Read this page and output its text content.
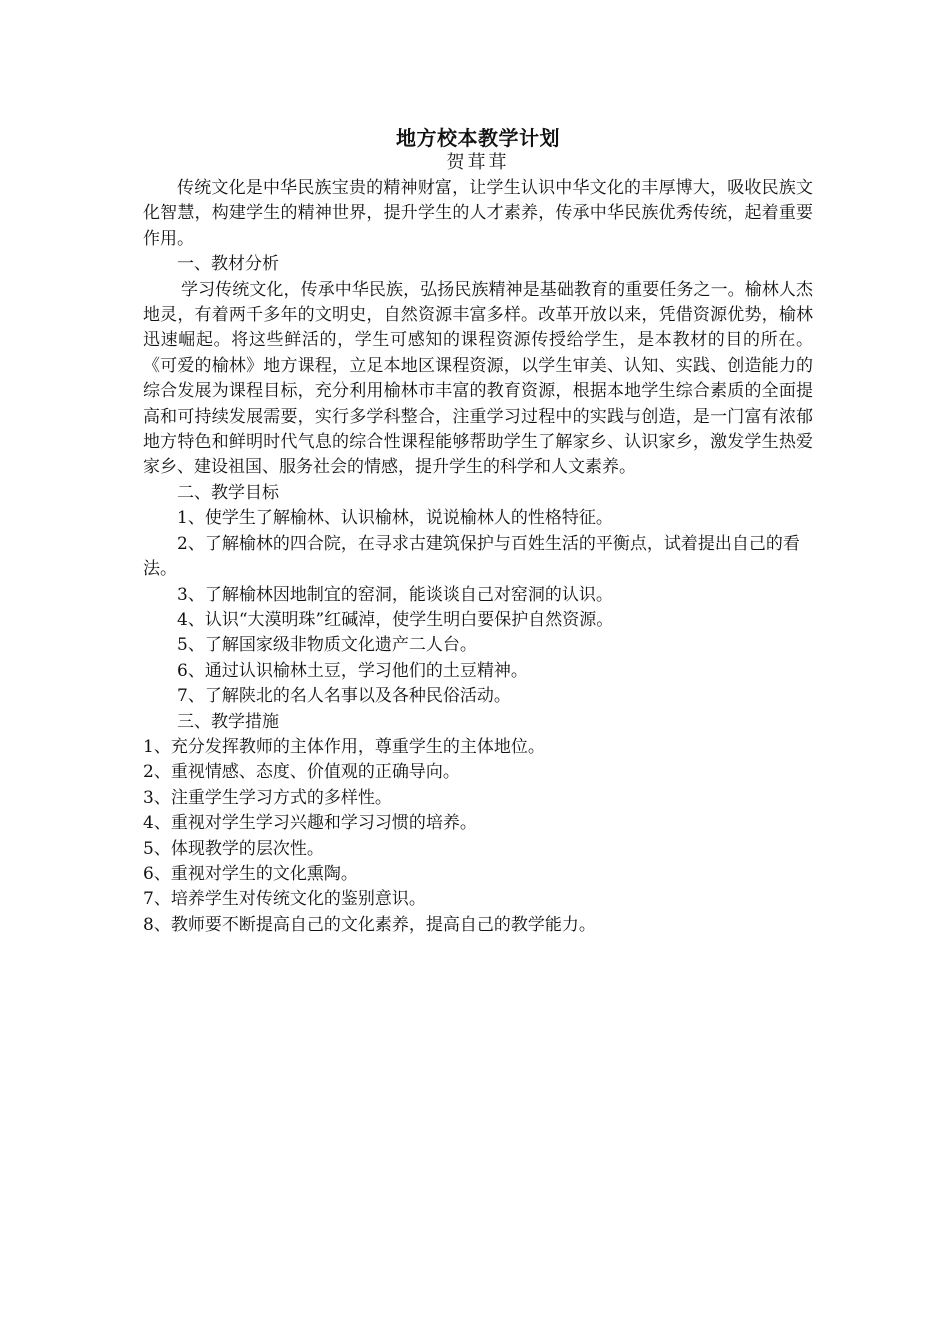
地方校本教学计划
贺茸茸

传统文化是中华民族宝贵的精神财富，让学生认识中华文化的丰厚博大，吸收民族文化智慧，构建学生的精神世界，提升学生的人才素养，传承中华民族优秀传统，起着重要作用。

一、教材分析

学习传统文化，传承中华民族，弘扬民族精神是基础教育的重要任务之一。榆林人杰地灵，有着两千多年的文明史，自然资源丰富多样。改革开放以来，凭借资源优势，榆林迅速崛起。将这些鲜活的，学生可感知的课程资源传授给学生，是本教材的目的所在。《可爱的榆林》地方课程，立足本地区课程资源，以学生审美、认知、实践、创造能力的综合发展为课程目标，充分利用榆林市丰富的教育资源，根据本地学生综合素质的全面提高和可持续发展需要，实行多学科整合，注重学习过程中的实践与创造，是一门富有浓郁地方特色和鲜明时代气息的综合性课程能够帮助学生了解家乡、认识家乡，激发学生热爱家乡、建设祖国、服务社会的情感，提升学生的科学和人文素养。

二、教学目标

1、使学生了解榆林、认识榆林，说说榆林人的性格特征。

2、了解榆林的四合院，在寻求古建筑保护与百姓生活的平衡点，试着提出自己的看法。

3、了解榆林因地制宜的窑洞，能谈谈自己对窑洞的认识。

4、认识“大漠明珠”红碱淖，使学生明白要保护自然资源。

5、了解国家级非物质文化遗产二人台。

6、通过认识榆林土豆，学习他们的土豆精神。

7、了解陕北的名人名事以及各种民俗活动。

三、教学措施

1、充分发挥教师的主体作用，尊重学生的主体地位。

2、重视情感、态度、价值观的正确导向。

3、注重学生学习方式的多样性。

4、重视对学生学习兴趣和学习习惯的培养。

5、体现教学的层次性。

6、重视对学生的文化熏陶。

7、培养学生对传统文化的鉴别意识。

8、教师要不断提高自己的文化素养，提高自己的教学能力。
